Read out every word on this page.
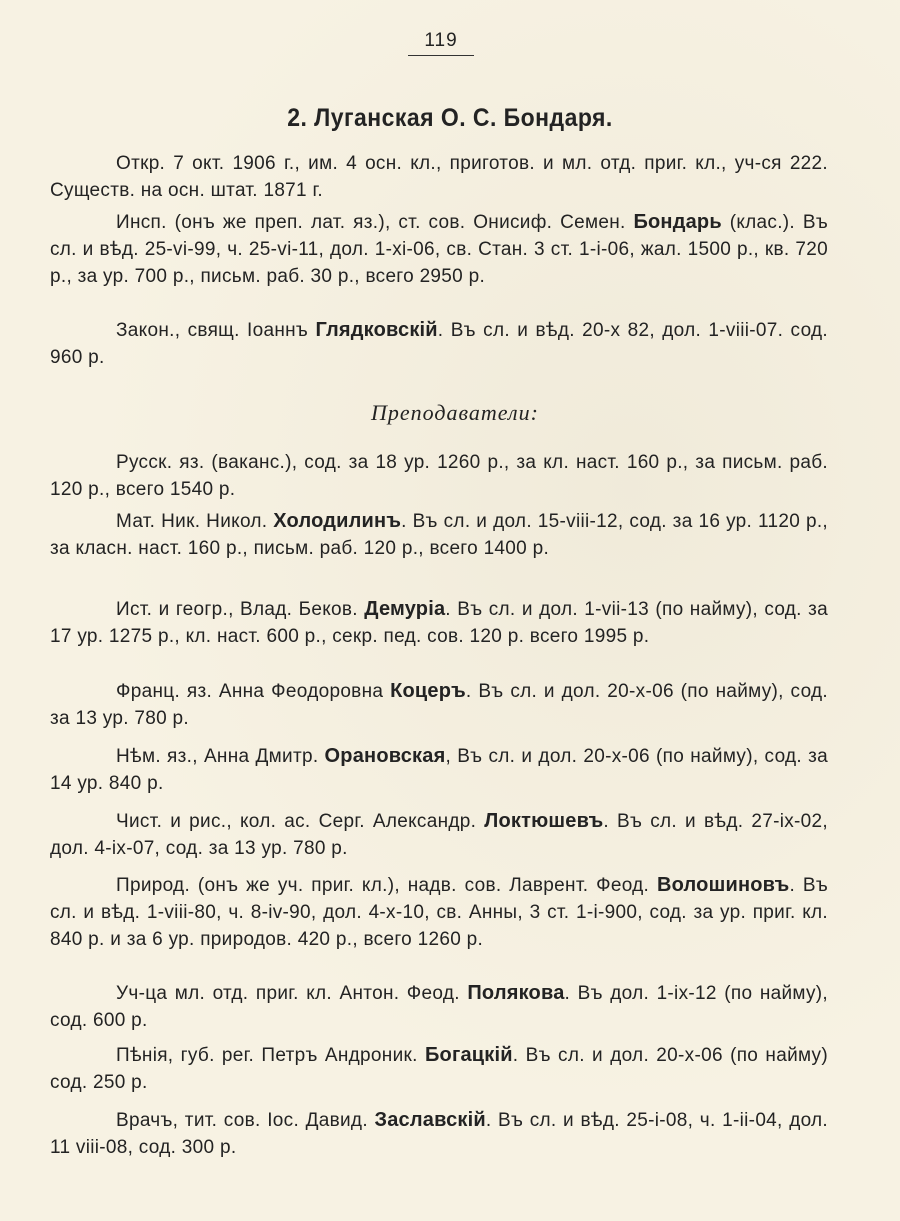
119
2. Луганская О. С. Бондаря.
Откр. 7 окт. 1906 г., им. 4 осн. кл., приготов. и мл. отд. приг. кл., уч-ся 222. Существ. на осн. штат. 1871 г.
Инсп. (онъ же преп. лат. яз.), ст. сов. Онисиф. Семен. Бондарь (клас.). Въ сл. и вѣд. 25-vi-99, ч. 25-vi-11, дол. 1-xi-06, св. Стан. 3 ст. 1-i-06, жал. 1500 р., кв. 720 р., за ур. 700 р., письм. раб. 30 р., всего 2950 р.
Закон., свящ. Іоаннъ Глядковскій. Въ сл. и вѣд. 20-x 82, дол. 1-viii-07. сод. 960 р.
Преподаватели:
Русск. яз. (ваканс.), сод. за 18 ур. 1260 р., за кл. наст. 160 р., за письм. раб. 120 р., всего 1540 р.
Мат. Ник. Никол. Холодилинъ. Въ сл. и дол. 15-viii-12, сод. за 16 ур. 1120 р., за класн. наст. 160 р., письм. раб. 120 р., всего 1400 р.
Ист. и геогр., Влад. Беков. Демуріа. Въ сл. и дол. 1-vii-13 (по найму), сод. за 17 ур. 1275 р., кл. наст. 600 р., секр. пед. сов. 120 р. всего 1995 р.
Франц. яз. Анна Феодоровна Коцеръ. Въ сл. и дол. 20-x-06 (по найму), сод. за 13 ур. 780 р.
Нѣм. яз., Анна Дмитр. Орановская, Въ сл. и дол. 20-x-06 (по найму), сод. за 14 ур. 840 р.
Чист. и рис., кол. ас. Серг. Александр. Локтюшевъ. Въ сл. и вѣд. 27-ix-02, дол. 4-ix-07, сод. за 13 ур. 780 р.
Природ. (онъ же уч. приг. кл.), надв. сов. Лаврент. Феод. Волошиновъ. Въ сл. и вѣд. 1-viii-80, ч. 8-iv-90, дол. 4-x-10, св. Анны, 3 ст. 1-i-900, сод. за ур. приг. кл. 840 р. и за 6 ур. природов. 420 р., всего 1260 р.
Уч-ца мл. отд. приг. кл. Антон. Феод. Полякова. Въ дол. 1-ix-12 (по найму), сод. 600 р.
Пѣнія, губ. рег. Петръ Андроник. Богацкій. Въ сл. и дол. 20-x-06 (по найму) сод. 250 р.
Врачъ, тит. сов. Іос. Давид. Заславскій. Въ сл. и вѣд. 25-i-08, ч. 1-ii-04, дол. 11 viii-08, сод. 300 р.
